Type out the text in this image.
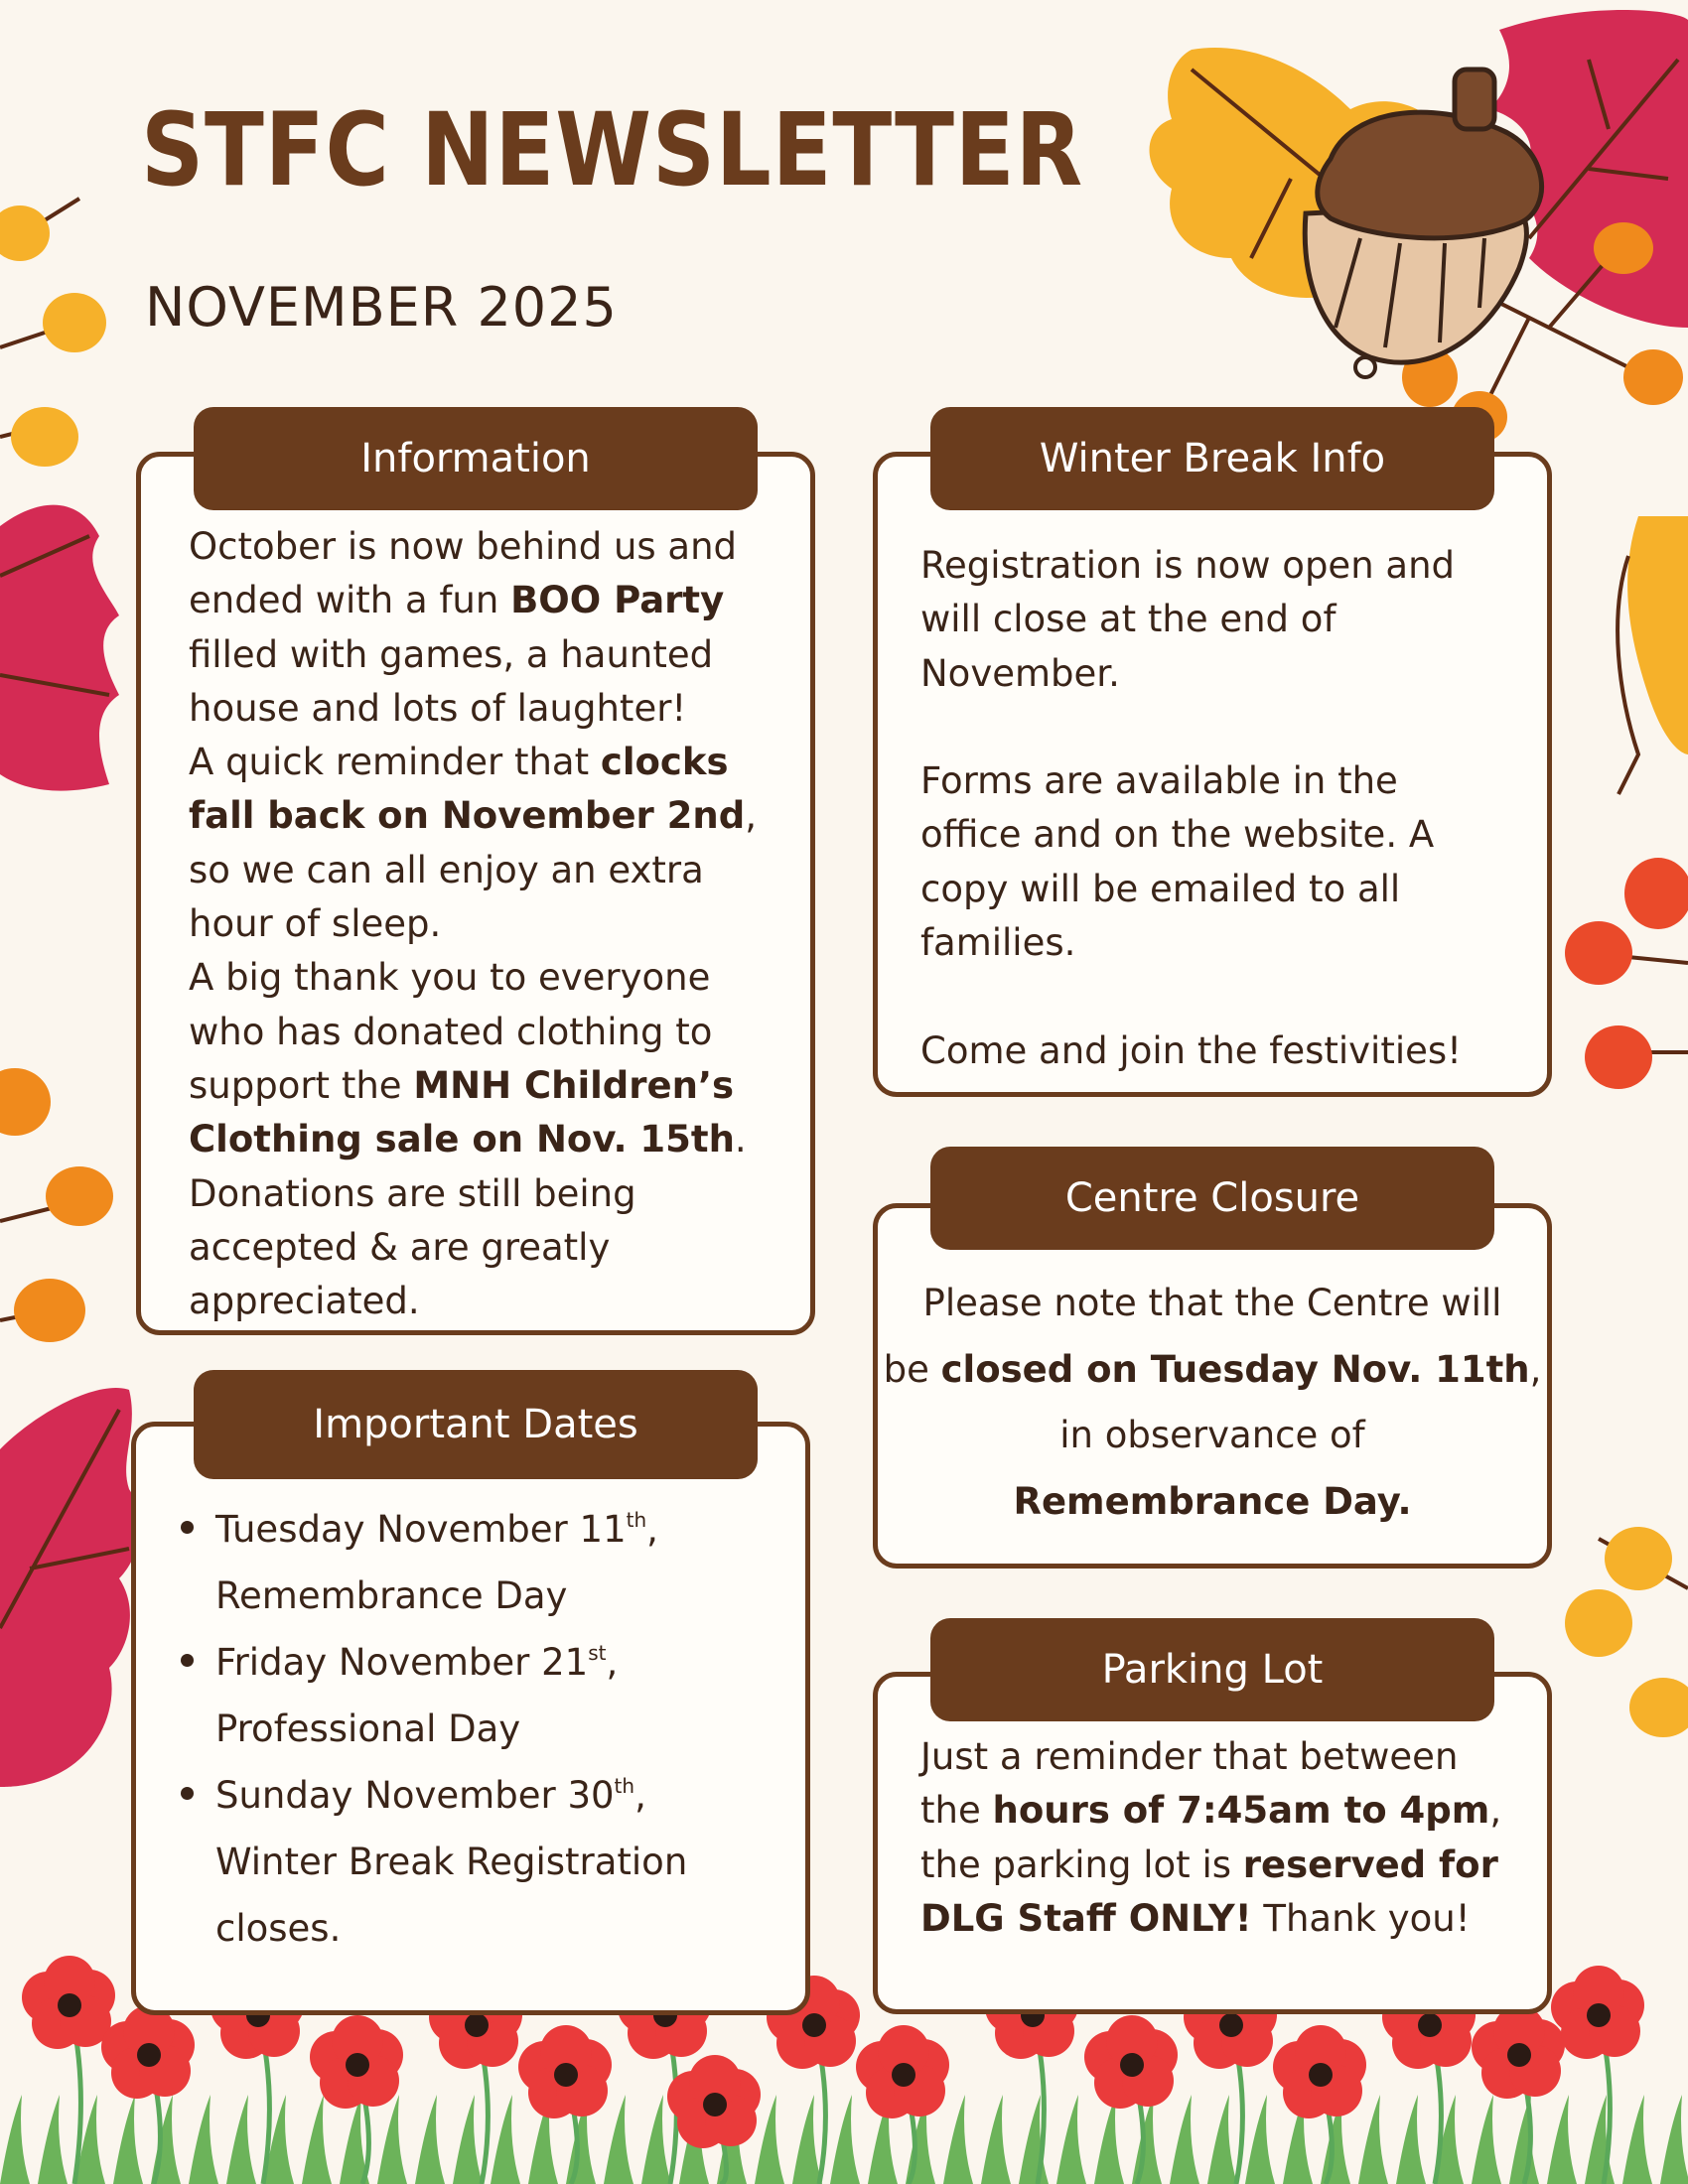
STFC NEWSLETTER
NOVEMBER 2025
Information
October is now behind us and
ended with a fun BOO Party
filled with games, a haunted
house and lots of laughter!
A quick reminder that clocks
fall back on November 2nd,
so we can all enjoy an extra
hour of sleep.
A big thank you to everyone
who has donated clothing to
support the MNH Children’s
Clothing sale on Nov. 15th.
Donations are still being
accepted & are greatly
appreciated.
Winter Break Info
Registration is now open and
will close at the end of
November.
Forms are available in the
office and on the website. A
copy will be emailed to all
families.
Come and join the festivities!
Important Dates
Tuesday November 11th,
Remembrance Day
Friday November 21st,
Professional Day
Sunday November 30th,
Winter Break Registration
closes.
Centre Closure
Please note that the Centre will
be closed on Tuesday Nov. 11th,
in observance of
Remembrance Day.
Parking Lot
Just a reminder that between
the hours of 7:45am to 4pm,
the parking lot is reserved for
DLG Staff ONLY! Thank you!
